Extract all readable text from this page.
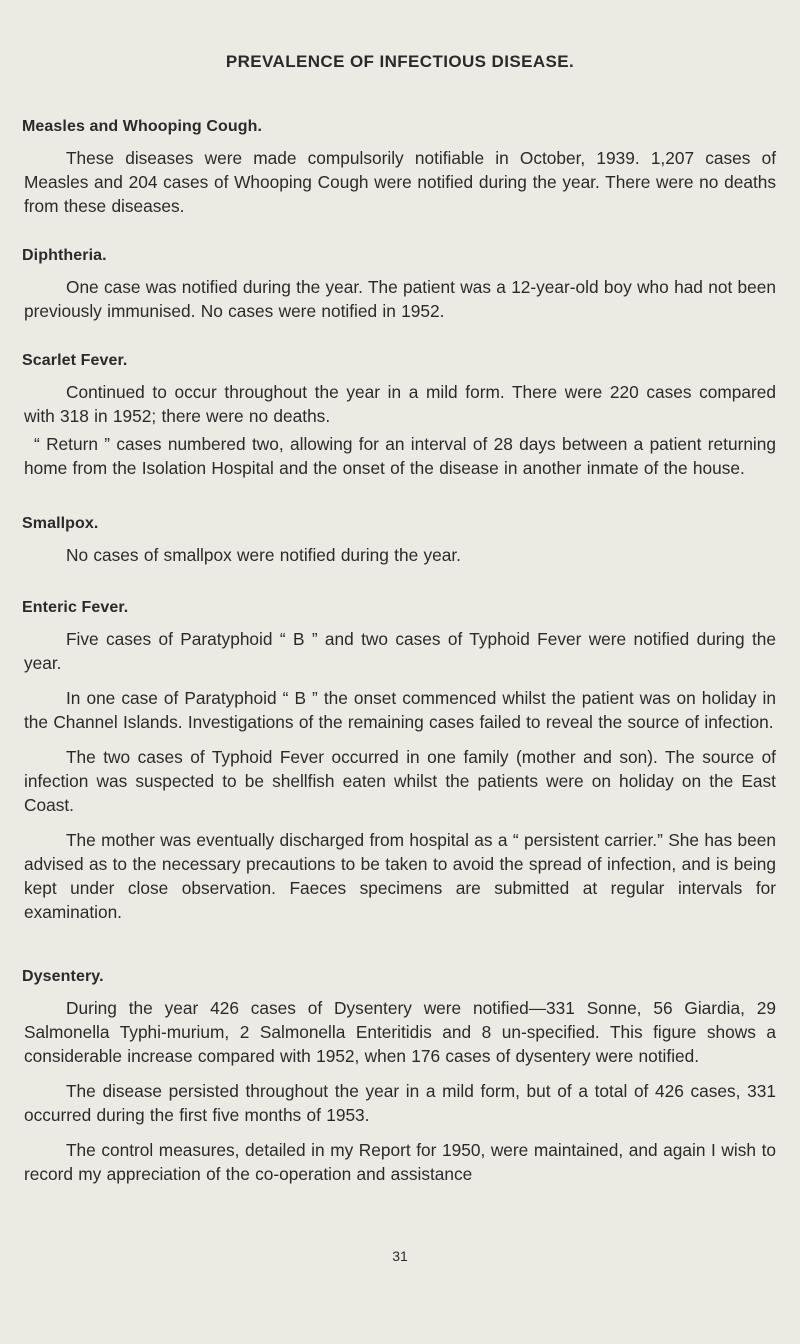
PREVALENCE OF INFECTIOUS DISEASE.
Measles and Whooping Cough.

These diseases were made compulsorily notifiable in October, 1939. 1,207 cases of Measles and 204 cases of Whooping Cough were notified during the year. There were no deaths from these diseases.

Diphtheria.

One case was notified during the year. The patient was a 12-year-old boy who had not been previously immunised. No cases were notified in 1952.

Scarlet Fever.

Continued to occur throughout the year in a mild form. There were 220 cases compared with 318 in 1952; there were no deaths.

“ Return ” cases numbered two, allowing for an interval of 28 days between a patient returning home from the Isolation Hospital and the onset of the disease in another inmate of the house.

Smallpox.

No cases of smallpox were notified during the year.

Enteric Fever.

Five cases of Paratyphoid “ B ” and two cases of Typhoid Fever were notified during the year.

In one case of Paratyphoid “ B ” the onset commenced whilst the patient was on holiday in the Channel Islands. Investigations of the remaining cases failed to reveal the source of infection.

The two cases of Typhoid Fever occurred in one family (mother and son). The source of infection was suspected to be shellfish eaten whilst the patients were on holiday on the East Coast.

The mother was eventually discharged from hospital as a “ persistent carrier.” She has been advised as to the necessary precautions to be taken to avoid the spread of infection, and is being kept under close observation. Faeces specimens are submitted at regular intervals for examination.

Dysentery.

During the year 426 cases of Dysentery were notified—331 Sonne, 56 Giardia, 29 Salmonella Typhi-murium, 2 Salmonella Enteritidis and 8 un-specified. This figure shows a considerable increase compared with 1952, when 176 cases of dysentery were notified.

The disease persisted throughout the year in a mild form, but of a total of 426 cases, 331 occurred during the first five months of 1953.

The control measures, detailed in my Report for 1950, were maintained, and again I wish to record my appreciation of the co-operation and assistance

31
